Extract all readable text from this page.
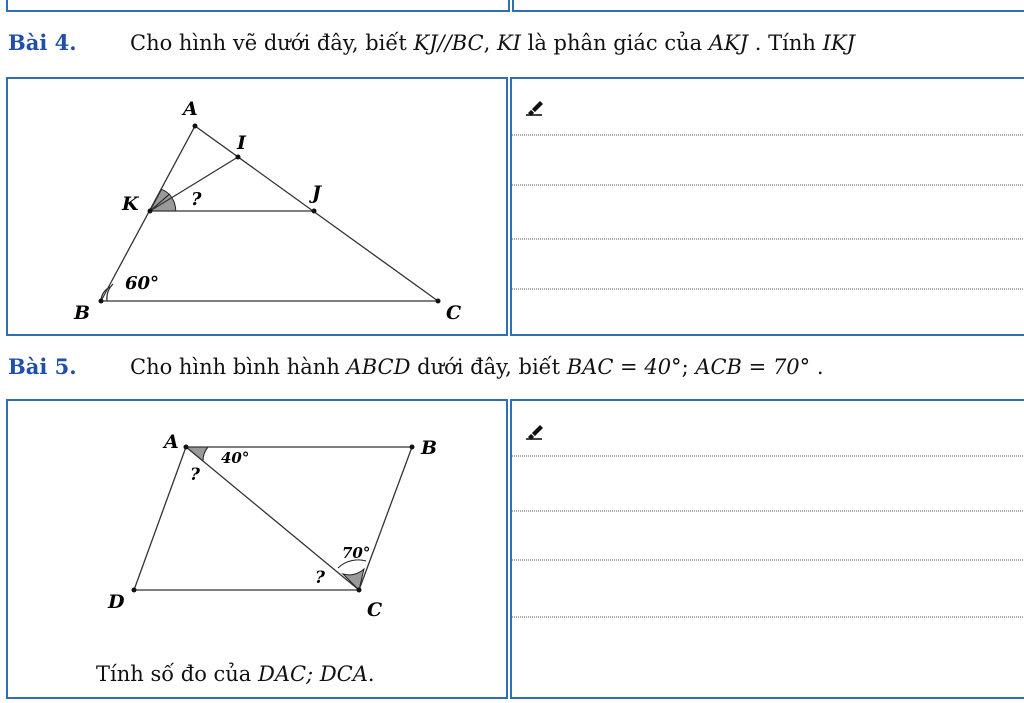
Bài 4.	Cho hình vẽ dưới đây, biết KJ//BC, KI là phân giác của AKJ . Tính IKJ
A
I
K	J
B	C
?
60°
Bài 5.	Cho hình bình hành ABCD dưới đây, biết BAC = 40°; ACB = 70° .
A	B
C
D
40°
?
70°
?
Tính số đo của DAC; DCA.
